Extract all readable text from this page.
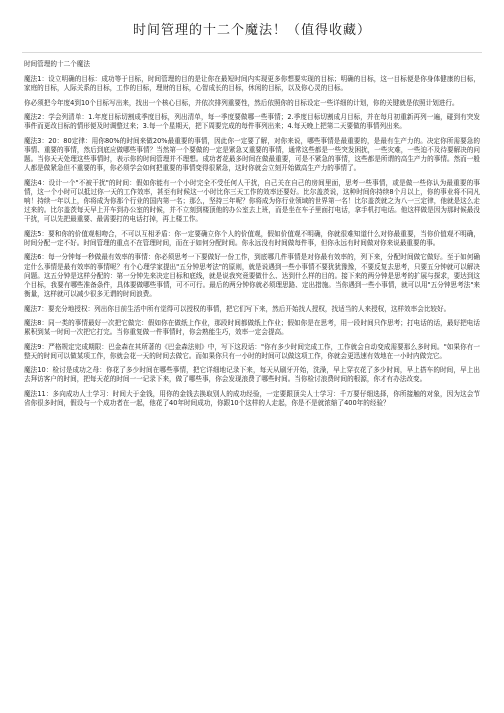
时间管理的十二个魔法！（值得收藏）
时间管理的十二个魔法

魔法1：设立明确的目标：成功等于目标，时间管理的目的是让你在最短时间内实现更多你想要实现的目标；明确的目标，这一目标便是你身体健康的目标，家庭的目标，人际关系的目标，工作的目标，理财的目标，心智成长的目标，休闲的目标，以及你心灵的目标。

你必须把今年度4到10个目标写出来，找出一个核心目标，并依次排列重要性，然后依照你的目标设定一些详细的计划，你的关键就是依照计划进行。

魔法2：学会列清单：1.年度目标切割成季度目标，列出清单，每一季度要做哪一些事情；2.季度目标切割成月目标，并在每月初重新再列一遍，碰到有突发事件而更改目标的情形便及时调整过来；3.每一个星期天，把下周要完成的每件事列出来；4.每天晚上把第二天要做的事情列出来。

魔法3：20：80定律：用你80%的时间来做20%最重要的事情，因此你一定要了解，对你来说，哪些事情是最重要的，是最有生产力的。决定你所需要急的事情、重要的事情，然后到底应做哪些事情？当然第一个要做的一定是紧急又重要的事情，通常这些都是一些突发困扰，一些灾难，一些迫不及待要解决的问题。当你天天处理这些事情时，表示你的时间管理并不理想。成功者花最多时间在做最重要，可是不紧急的事情，这些都是所谓的高生产力的事情。然而一般人都是做紧急但不重要的事，你必须学会如何把重要的事情变得很紧急，这时你就会立刻开始做高生产力的事情了。

魔法4：设计一个"不被干扰"的时间：假如你能有一个小时完全不受任何人干扰，自己关在自己的房间里面，思考一些事情，或是做一些你认为最重要的事情，这一个小时可以抵过你一天的工作效率，甚至有时候这一小时比你三天工作的效率还要好。比尔盖茨说，这种时间你持续8个月以上，你的事业将不同凡响！持续一年以上，你将成为你那个行业的国内第一名；那么，坚持三年呢？你将成为你行业领域的世界第一名！比尔盖茨就之为八一三定律，他就是这么走过来的。比尔盖茨每天早上开车到办公室的时候，并不立刻到楼顶他的办公室去上班，而是坐在车子里面打电话，拿手机打电话。他这样做是因为那时候最没干扰，可以先把最重要、最需要打的电话打掉，再上楼工作。

魔法5：要和你的价值观相吻合，不可以互相矛盾：你一定要确立你个人的价值观，假如价值观不明确，你就很难知道什么对你最重要，当你价值观不明确，时间分配一定不好。时间管理的重点不在管理时间，而在于如何分配时间。你永远没有时间做每件事，但你永远有时间做对你来说最重要的事。

魔法6：每一分钟每一秒做最有效率的事情：你必须思考一下要做好一份工作，到底哪几件事情是对你最有效率的，列下来，分配时间做它做好。至于如何确定什么事情是最有效率的事情呢？有个心理学家提出"五分钟思考法"的原则，就是说遇到一些小事情不要犹犹豫豫，不要反复去思考，只要五分钟就可以解决问题。这五分钟是这样分配的：第一分钟先来决定目标和底线，就是说我究竟要做什么、达到什么样的目的。接下来的两分钟是思考的扩展与探求，要达到这个目标，我要有哪些准备条件，具体要做哪些事情，可不可行。最后的两分钟你就必须理思路、定出措施。当你遇到一些小事情，就可以用"五分钟思考法"来衡量，这样就可以减少很多无谓的时间浪费。

魔法7：要充分地授权：列出你目前生活中所有觉得可以授权的事情，把它们写下来，然后开始找人授权，找适当的人来授权，这样效率会比较好。

魔法8：同一类的事情最好一次把它做完：假如你在做纸上作业，那段时间都做纸上作业；假如你是在思考，用一段时间只作思考；打电话的话，最好把电话累积到某一时间一次把它打完。当你重复做一件事情时，你会熟能生巧，效率一定会提高。

魔法9：严格规定完成期限：巴金森在其所著的《巴金森法则》中，写下这段话："你有多少时间完成工作，工作就会自动变成需要那么多时间。"如果你有一整天的时间可以做某项工作，你就会花一天的时间去做它。而如果你只有一小时的时间可以做这项工作，你就会更迅速有效地在一小时内做完它。

魔法10：检讨是成功之母：你花了多少时间在哪些事情，把它详细地记录下来，每天从刷牙开始，洗澡，早上穿衣花了多少时间，早上搭车的时间，早上出去拜访客户的时间，把每天花的时间一一记录下来，做了哪些事，你会发现浪费了哪些时间。当你检讨浪费时间的根源，你才有办法改变。

魔法11：多向成功人士学习：时间大于金钱，用你的金钱去换取别人的成功经验，一定要跟顶尖人士学习：千万要仔细选择，你所接触的对象，因为这会节省你很多时间，假设与一个成功者在一起，他花了40年时间成功，你跟10个这样的人走起，你是不是就浓缩了400年的经验？
